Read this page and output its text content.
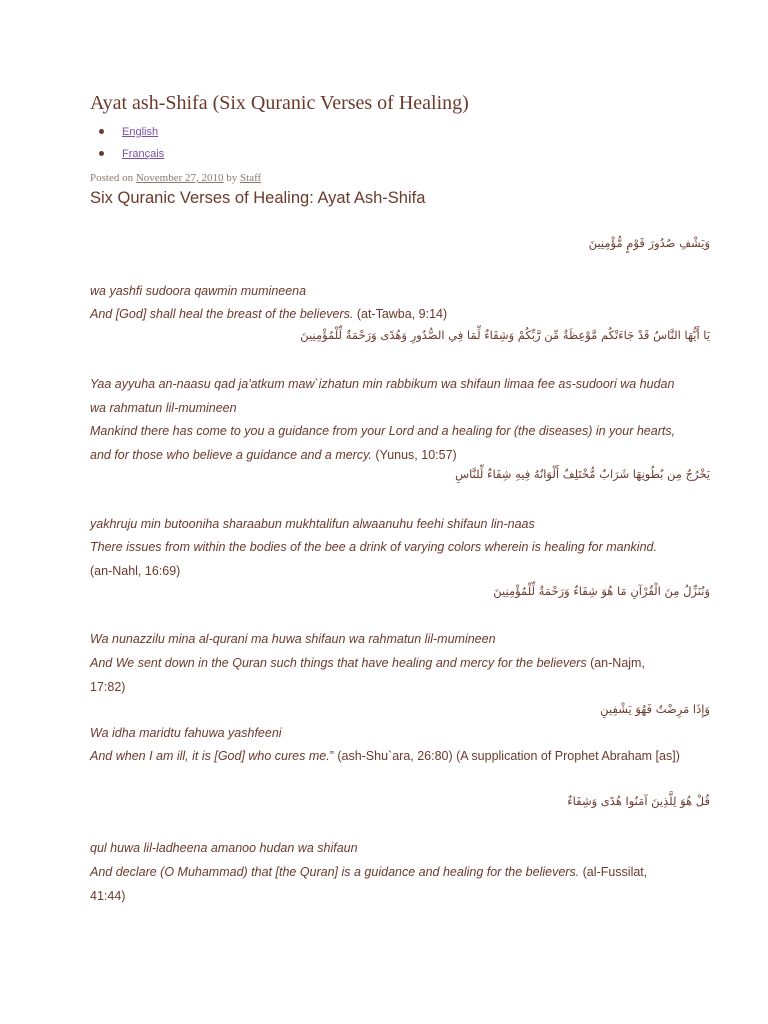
Ayat ash-Shifa (Six Quranic Verses of Healing)
English
Français
Posted on November 27, 2010 by Staff
Six Quranic Verses of Healing: Ayat Ash-Shifa
وَيَشْفِ صُدُورَ قَوْمٍ مُّؤْمِنِينَ

wa yashfi sudoora qawmin mumineena

And [God] shall heal the breast of the believers. (at-Tawba, 9:14)

يَا أَيُّهَا النَّاسُ قَدْ جَاءَتْكُم مَّوْعِظَةٌ مِّن رَّبِّكُمْ وَشِفَاءٌ لِّمَا فِي الصُّدُورِ وَهُدًى وَرَحْمَةٌ لِّلْمُؤْمِنِينَ

Yaa ayyuha an-naasu qad ja'atkum maw`izhatun min rabbikum wa shifaun limaa fee as-sudoori wa hudan wa rahmatun lil-mumineen

Mankind there has come to you a guidance from your Lord and a healing for (the diseases) in your hearts, and for those who believe a guidance and a mercy. (Yunus, 10:57)

يَخْرُجُ مِن بُطُونِهَا شَرَابٌ مُّخْتَلِفٌ أَلْوَانُهُ فِيهِ شِفَاءٌ لِّلنَّاسِ

yakhruju min butooniha sharaabun mukhtalifun alwaanuhu feehi shifaun lin-naas

There issues from within the bodies of the bee a drink of varying colors wherein is healing for mankind. (an-Nahl, 16:69)

وَنُنَزِّلُ مِنَ الْقُرْآنِ مَا هُوَ شِفَاءٌ وَرَحْمَةٌ لِّلْمُؤْمِنِينَ

Wa nunazzilu mina al-qurani ma huwa shifaun wa rahmatun lil-mumineen

And We sent down in the Quran such things that have healing and mercy for the believers (an-Najm, 17:82)

وَإِذَا مَرِضْتُ فَهُوَ يَشْفِينِ

Wa idha maridtu fahuwa yashfeeni

And when I am ill, it is [God] who cures me.” (ash-Shu`ara, 26:80) (A supplication of Prophet Abraham [as])

قُلْ هُوَ لِلَّذِينَ آمَنُوا هُدًى وَشِفَاءٌ

qul huwa lil-ladheena amanoo hudan wa shifaun

And declare (O Muhammad) that [the Quran] is a guidance and healing for the believers. (al-Fussilat, 41:44)
